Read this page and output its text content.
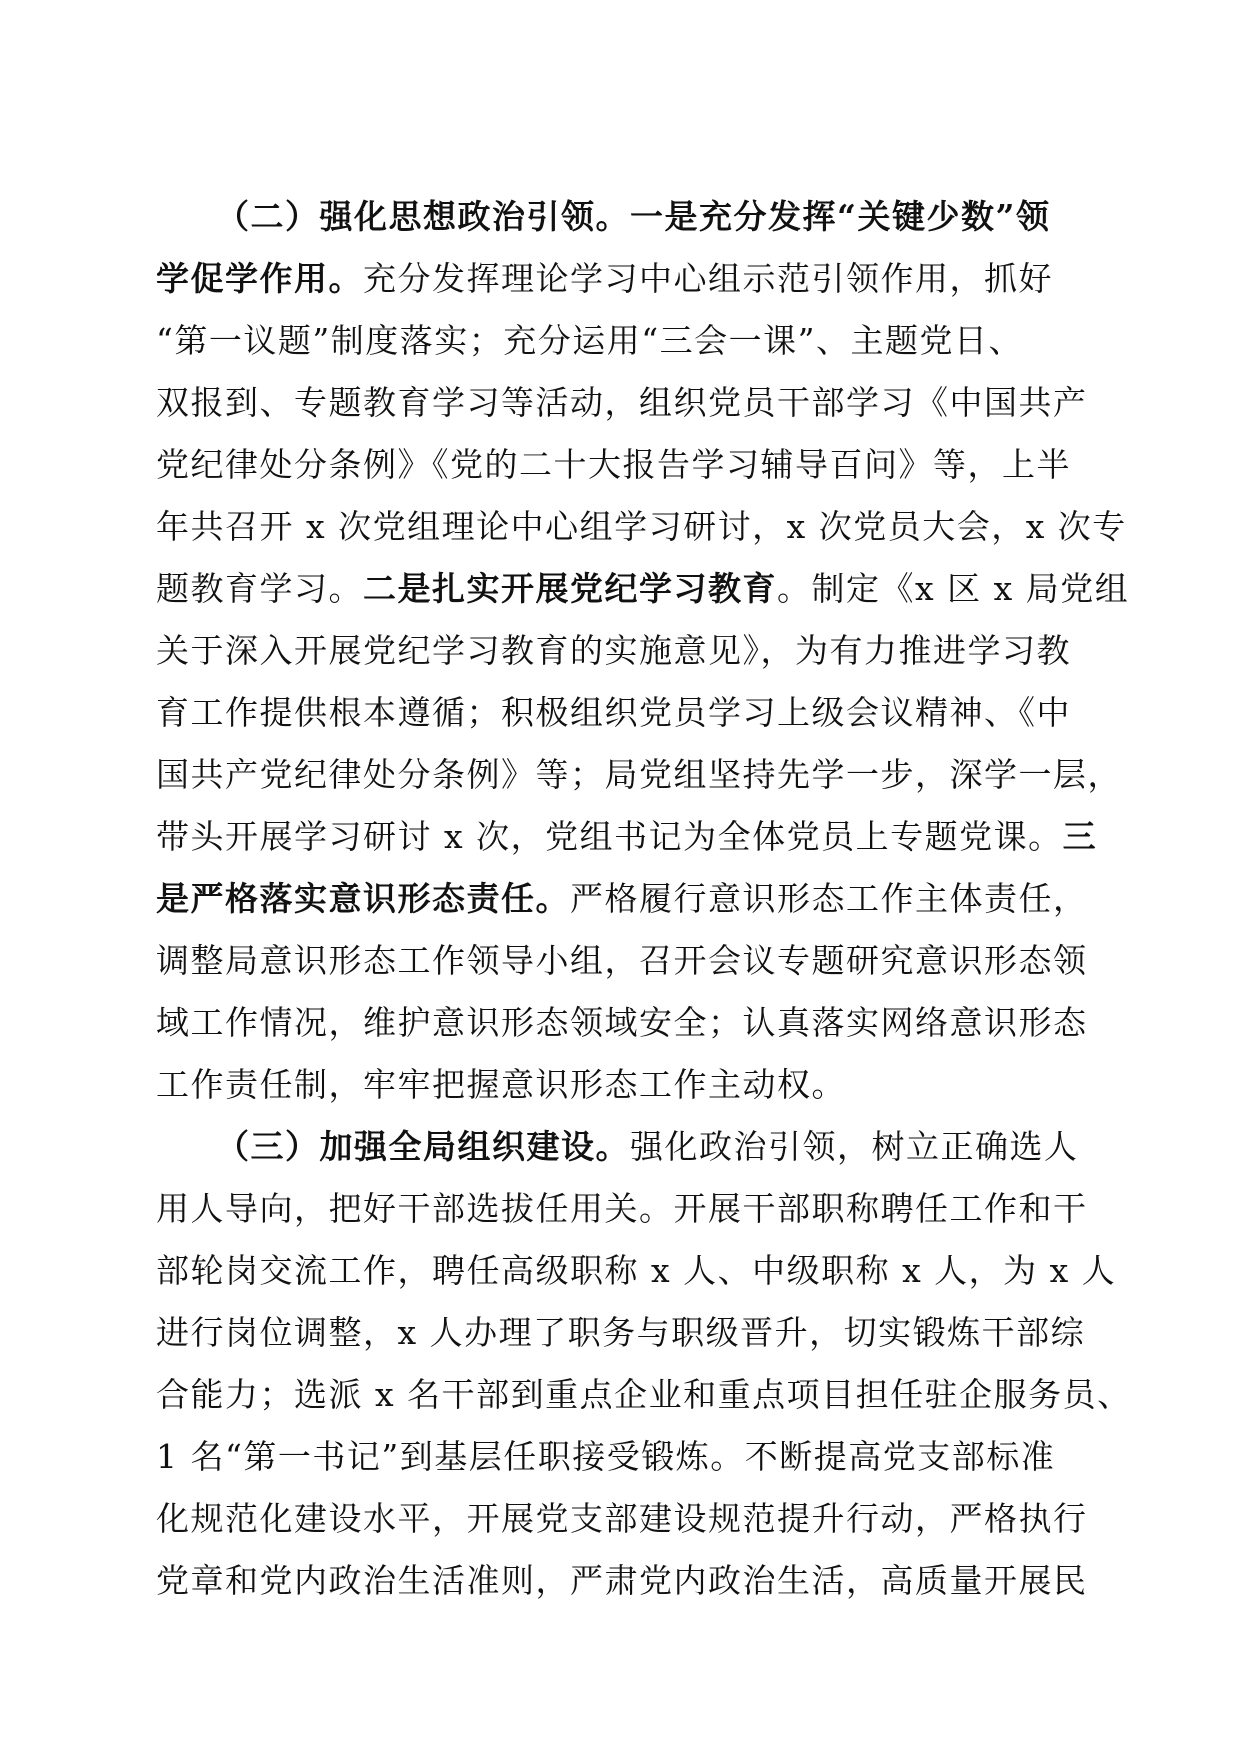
（二）强化思想政治引领。一是充分发挥“关键少数”领
学促学作用。充分发挥理论学习中心组示范引领作用，抓好
“第一议题”制度落实；充分运用“三会一课”、主题党日、
双报到、专题教育学习等活动，组织党员干部学习《中国共产
党纪律处分条例》《党的二十大报告学习辅导百问》等，上半
年共召开 x 次党组理论中心组学习研讨，x 次党员大会，x 次专
题教育学习。二是扎实开展党纪学习教育。制定《x 区 x 局党组
关于深入开展党纪学习教育的实施意见》，为有力推进学习教
育工作提供根本遵循；积极组织党员学习上级会议精神、《中
国共产党纪律处分条例》等；局党组坚持先学一步，深学一层，
带头开展学习研讨 x 次，党组书记为全体党员上专题党课。三
是严格落实意识形态责任。严格履行意识形态工作主体责任，
调整局意识形态工作领导小组，召开会议专题研究意识形态领
域工作情况，维护意识形态领域安全；认真落实网络意识形态
工作责任制，牢牢把握意识形态工作主动权。
（三）加强全局组织建设。强化政治引领，树立正确选人
用人导向，把好干部选拔任用关。开展干部职称聘任工作和干
部轮岗交流工作，聘任高级职称 x 人、中级职称 x 人，为 x 人
进行岗位调整，x 人办理了职务与职级晋升，切实锻炼干部综
合能力；选派 x 名干部到重点企业和重点项目担任驻企服务员、
1 名“第一书记”到基层任职接受锻炼。不断提高党支部标准
化规范化建设水平，开展党支部建设规范提升行动，严格执行
党章和党内政治生活准则，严肃党内政治生活，高质量开展民
